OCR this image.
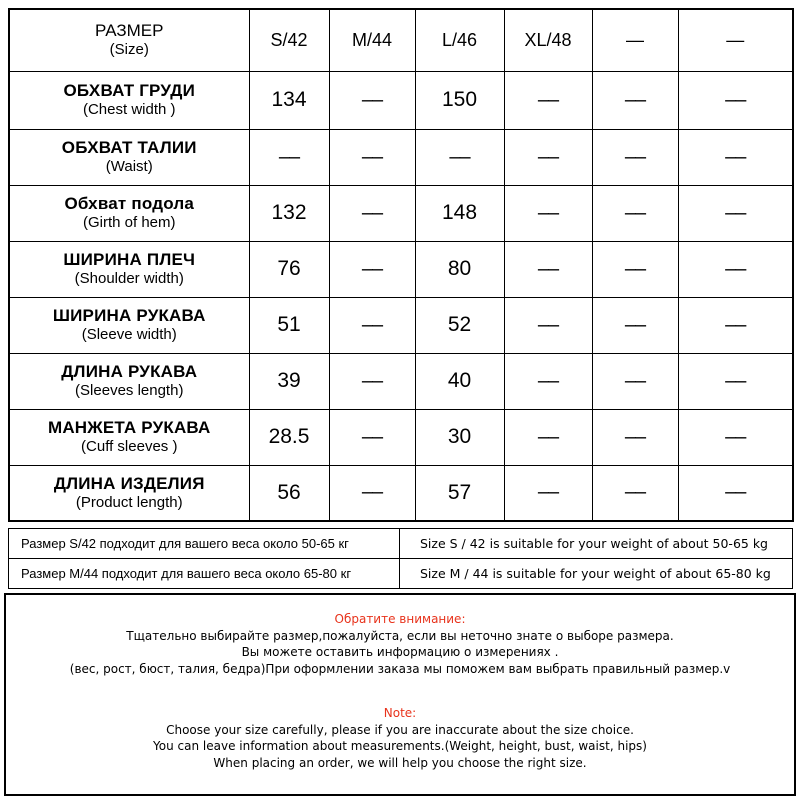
РАЗМЕР
(Size)	S/42	M/44	L/46	XL/48	—	—

ОБХВАТ ГРУДИ
(Chest width )	134	––	150	––	––	––

ОБХВАТ ТАЛИИ
(Waist)	––	––	––	––	––	––

Обхват подола
(Girth of hem)	132	––	148	––	––	––

ШИРИНА ПЛЕЧ
(Shoulder width)	76	––	80	––	––	––

ШИРИНА РУКАВА
(Sleeve width)	51	––	52	––	––	––

ДЛИНА РУКАВА
(Sleeves length)	39	––	40	––	––	––

МАНЖЕТА РУКАВА
(Cuff sleeves )	28.5	––	30	––	––	––

ДЛИНА ИЗДЕЛИЯ
(Product length)	56	––	57	––	––	––
Размер S/42 подходит для вашего веса около 50-65 кг	Size S / 42 is suitable for your weight of about 50-65 kg
Размер M/44 подходит для вашего веса около 65-80 кг	Size M / 44 is suitable for your weight of about 65-80 kg
Обратите внимание:
Тщательно выбирайте размер,пожалуйста, если вы неточно знате о выборе размера.
Вы можете оставить информацию о измерениях .
(вес, рост, бюст, талия, бедра)При оформлении заказа мы поможем вам выбрать правильный размер.v
Note:
Choose your size carefully, please if you are inaccurate about the size choice.
You can leave information about measurements.(Weight, height, bust, waist, hips)
When placing an order, we will help you choose the right size.
